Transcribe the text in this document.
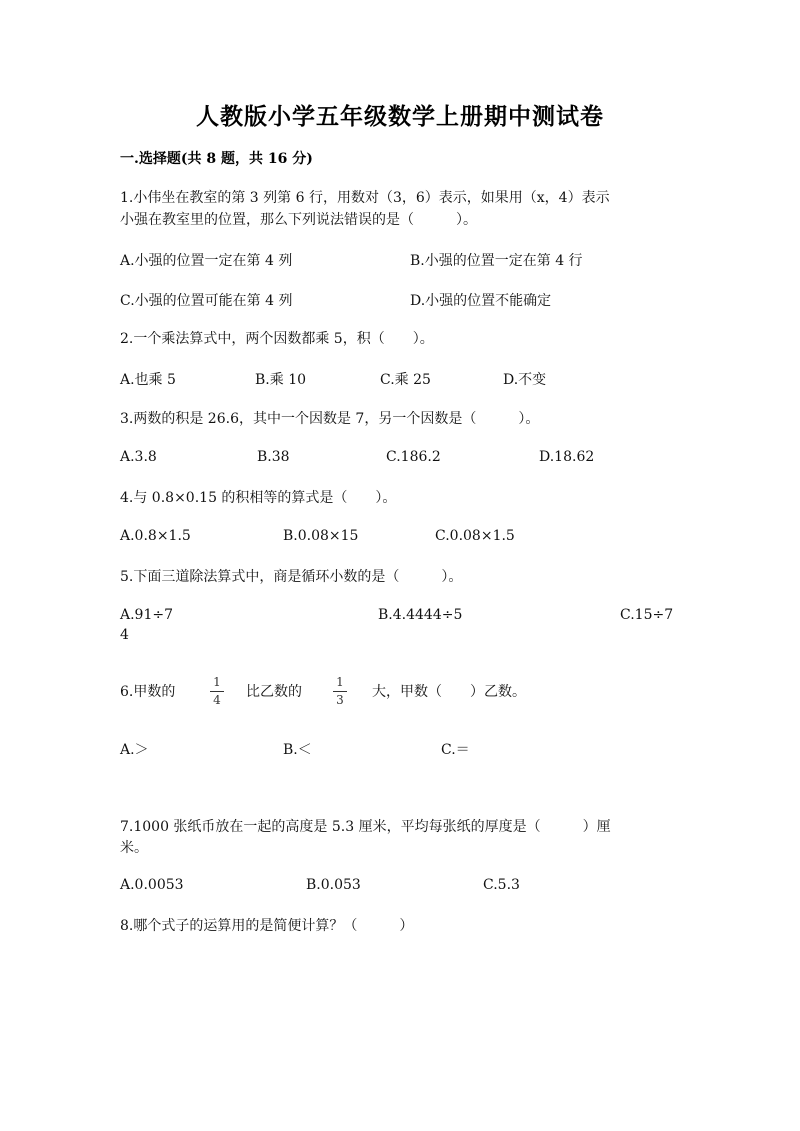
人教版小学五年级数学上册期中测试卷
一.选择题(共 8 题，共 16 分)
1.小伟坐在教室的第 3 列第 6 行，用数对（3，6）表示，如果用（x，4）表示
小强在教室里的位置，那么下列说法错误的是（　　　）。
A.小强的位置一定在第 4 列	B.小强的位置一定在第 4 行
C.小强的位置可能在第 4 列	D.小强的位置不能确定
2.一个乘法算式中，两个因数都乘 5，积（　　）。
A.也乘 5	B.乘 10	C.乘 25	D.不变
3.两数的积是 26.6，其中一个因数是 7，另一个因数是（　　　）。
A.3.8	B.38	C.186.2	D.18.62
4.与 0.8×0.15 的积相等的算式是（　　）。
A.0.8×1.5	B.0.08×15	C.0.08×1.5
5.下面三道除法算式中，商是循环小数的是（　　　）。
A.91÷7	B.4.4444÷5	C.15÷7
4
6.甲数的	$\frac{1}{4}$ 比乙数的	$\frac{1}{3}$ 大，甲数（　　）乙数。
A.＞	B.＜	C.＝
7.1000 张纸币放在一起的高度是 5.3 厘米，平均每张纸的厚度是（　　　）厘
米。
A.0.0053	B.0.053	C.5.3
8.哪个式子的运算用的是简便计算？（　　　）
